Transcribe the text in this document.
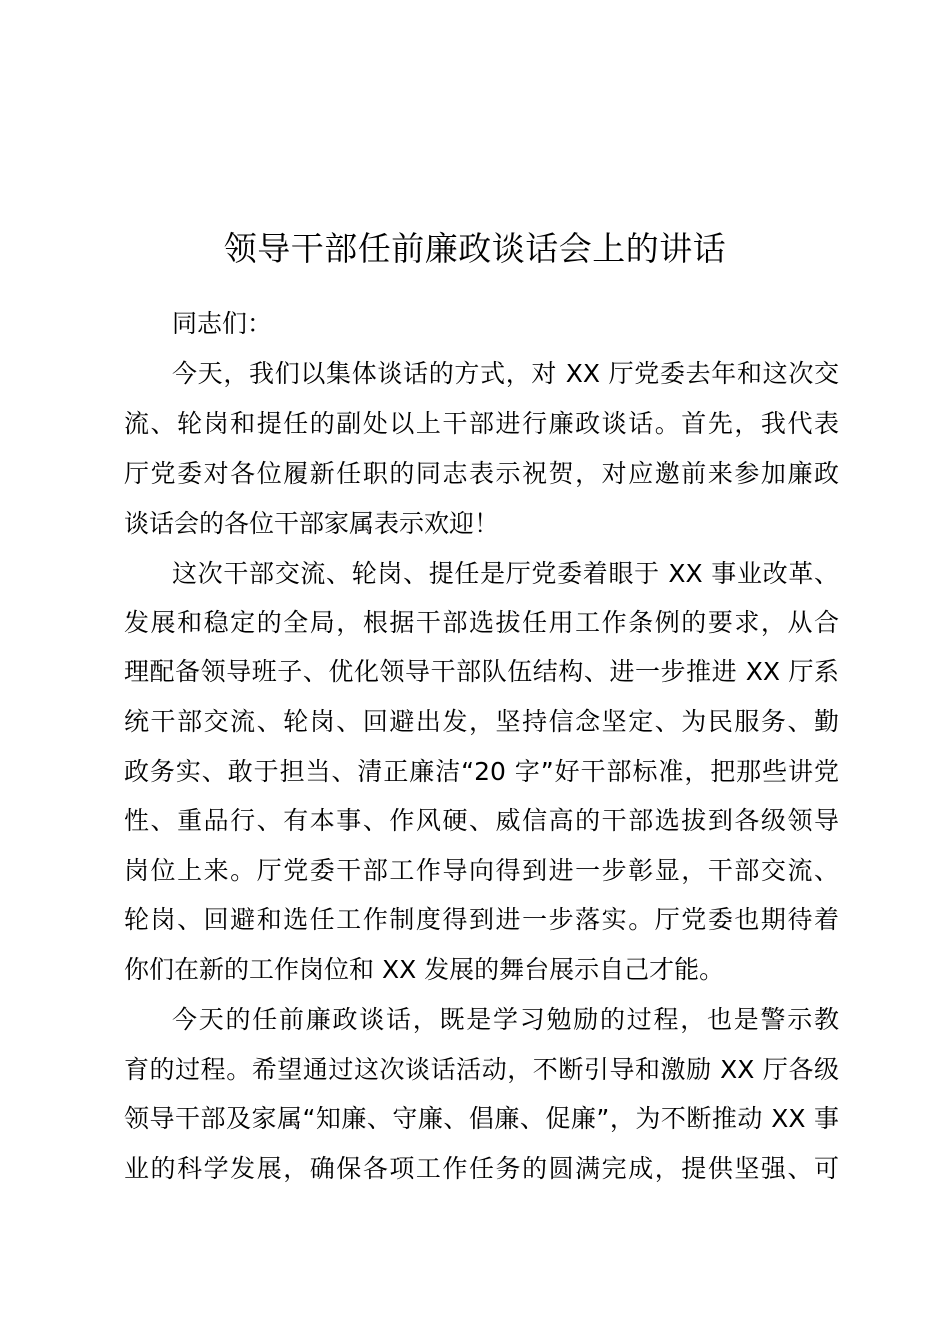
领导干部任前廉政谈话会上的讲话
同志们：
今天，我们以集体谈话的方式，对 XX 厅党委去年和这次交
流、轮岗和提任的副处以上干部进行廉政谈话。首先，我代表
厅党委对各位履新任职的同志表示祝贺，对应邀前来参加廉政
谈话会的各位干部家属表示欢迎！
这次干部交流、轮岗、提任是厅党委着眼于 XX 事业改革、
发展和稳定的全局，根据干部选拔任用工作条例的要求，从合
理配备领导班子、优化领导干部队伍结构、进一步推进 XX 厅系
统干部交流、轮岗、回避出发，坚持信念坚定、为民服务、勤
政务实、敢于担当、清正廉洁“20 字”好干部标准，把那些讲党
性、重品行、有本事、作风硬、威信高的干部选拔到各级领导
岗位上来。厅党委干部工作导向得到进一步彰显，干部交流、
轮岗、回避和选任工作制度得到进一步落实。厅党委也期待着
你们在新的工作岗位和 XX 发展的舞台展示自己才能。
今天的任前廉政谈话，既是学习勉励的过程，也是警示教
育的过程。希望通过这次谈话活动，不断引导和激励 XX 厅各级
领导干部及家属“知廉、守廉、倡廉、促廉”，为不断推动 XX 事
业的科学发展，确保各项工作任务的圆满完成，提供坚强、可
